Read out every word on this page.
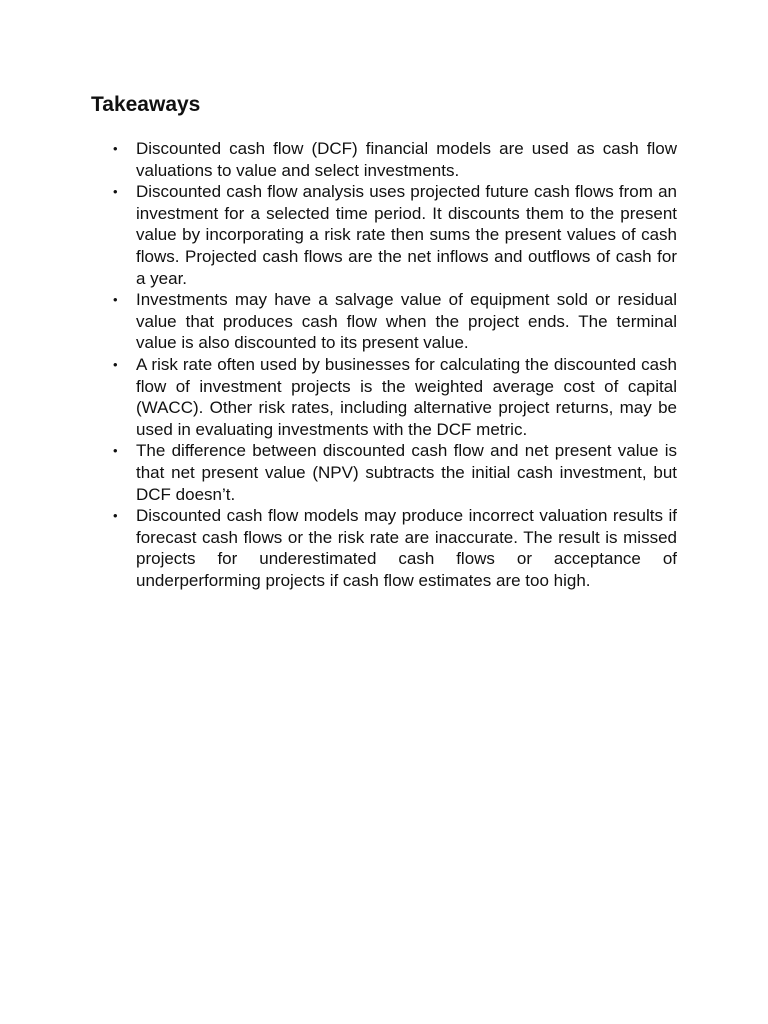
Takeaways
• Discounted cash flow (DCF) financial models are used as cash flow valuations to value and select investments.
• Discounted cash flow analysis uses projected future cash flows from an investment for a selected time period. It discounts them to the present value by incorporating a risk rate then sums the present values of cash flows. Projected cash flows are the net inflows and outflows of cash for a year.
• Investments may have a salvage value of equipment sold or residual value that produces cash flow when the project ends. The terminal value is also discounted to its present value.
• A risk rate often used by businesses for calculating the discounted cash flow of investment projects is the weighted average cost of capital (WACC). Other risk rates, including alternative project returns, may be used in evaluating investments with the DCF metric.
• The difference between discounted cash flow and net present value is that net present value (NPV) subtracts the initial cash investment, but DCF doesn’t.
• Discounted cash flow models may produce incorrect valuation results if forecast cash flows or the risk rate are inaccurate. The result is missed projects for underestimated cash flows or acceptance of underperforming projects if cash flow estimates are too high.
